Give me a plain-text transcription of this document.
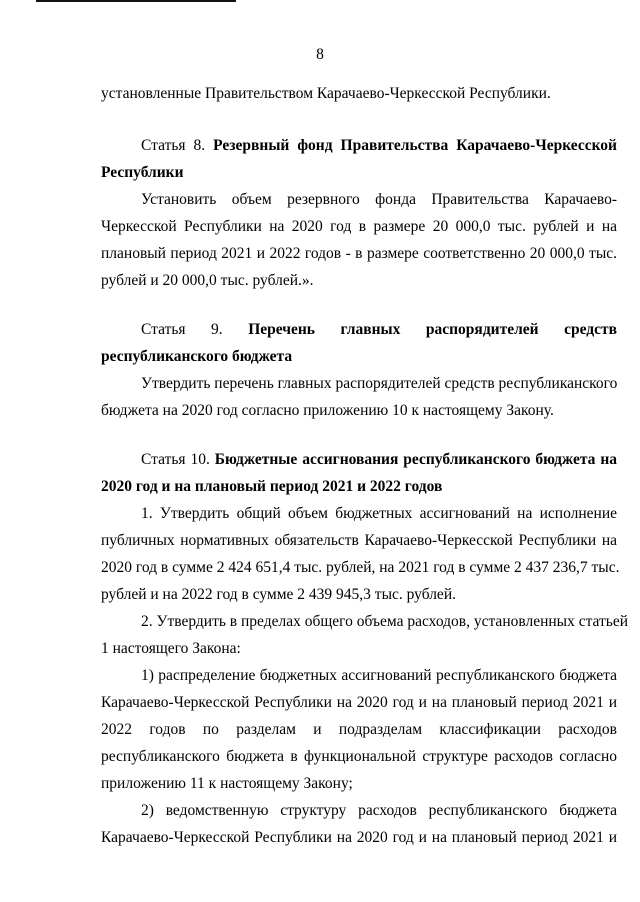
8
установленные Правительством Карачаево-Черкесской Республики.
Статья 8. Резервный фонд Правительства Карачаево-Черкесской
Республики
Установить объем резервного фонда Правительства Карачаево-
Черкесской Республики на 2020 год в размере 20 000,0 тыс. рублей и на
плановый период 2021 и 2022 годов - в размере соответственно 20 000,0 тыс.
рублей и 20 000,0 тыс. рублей.».
Статья 9. Перечень главных распорядителей средств
республиканского бюджета
Утвердить перечень главных распорядителей средств республиканского
бюджета на 2020 год согласно приложению 10 к настоящему Закону.
Статья 10. Бюджетные ассигнования республиканского бюджета на
2020 год и на плановый период 2021 и 2022 годов
1. Утвердить общий объем бюджетных ассигнований на исполнение
публичных нормативных обязательств Карачаево-Черкесской Республики на
2020 год в сумме 2 424 651,4 тыс. рублей, на 2021 год в сумме 2 437 236,7 тыс.
рублей и на 2022 год в сумме 2 439 945,3 тыс. рублей.
2. Утвердить в пределах общего объема расходов, установленных статьей
1 настоящего Закона:
1) распределение бюджетных ассигнований республиканского бюджета
Карачаево-Черкесской Республики на 2020 год и на плановый период 2021 и
2022 годов по разделам и подразделам классификации расходов
республиканского бюджета в функциональной структуре расходов согласно
приложению 11 к настоящему Закону;
2) ведомственную структуру расходов республиканского бюджета
Карачаево-Черкесской Республики на 2020 год и на плановый период 2021 и
